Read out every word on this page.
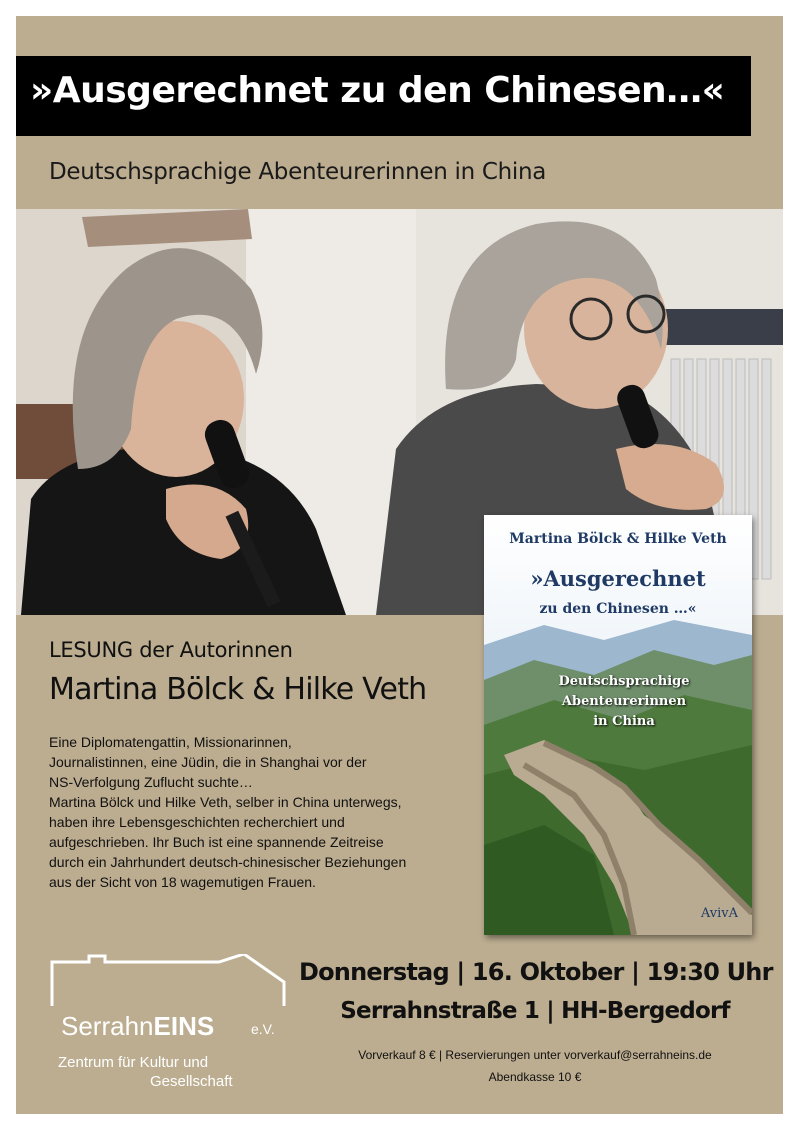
»Ausgerechnet zu den Chinesen…«
Deutschsprachige Abenteurerinnen in China
Martina Bölck & Hilke Veth
»Ausgerechnet
zu den Chinesen …«
Deutschsprachige
Abenteurerinnen
in China
AvivA
LESUNG der Autorinnen
Martina Bölck & Hilke Veth

Eine Diplomatengattin, Missionarinnen,
Journalistinnen, eine Jüdin, die in Shanghai vor der
NS-Verfolgung Zuflucht suchte…
Martina Bölck und Hilke Veth, selber in China unterwegs,
haben ihre Lebensgeschichten recherchiert und
aufgeschrieben. Ihr Buch ist eine spannende Zeitreise
durch ein Jahrhundert deutsch-chinesischer Beziehungen
aus der Sicht von 18 wagemutigen Frauen.

SerrahnEINS	e.V.
Zentrum für Kultur und
Gesellschaft
Donnerstag | 16. Oktober | 19:30 Uhr
Serrahnstraße 1 | HH-Bergedorf
Vorverkauf 8 € | Reservierungen unter vorverkauf@serrahneins.de
Abendkasse 10 €
